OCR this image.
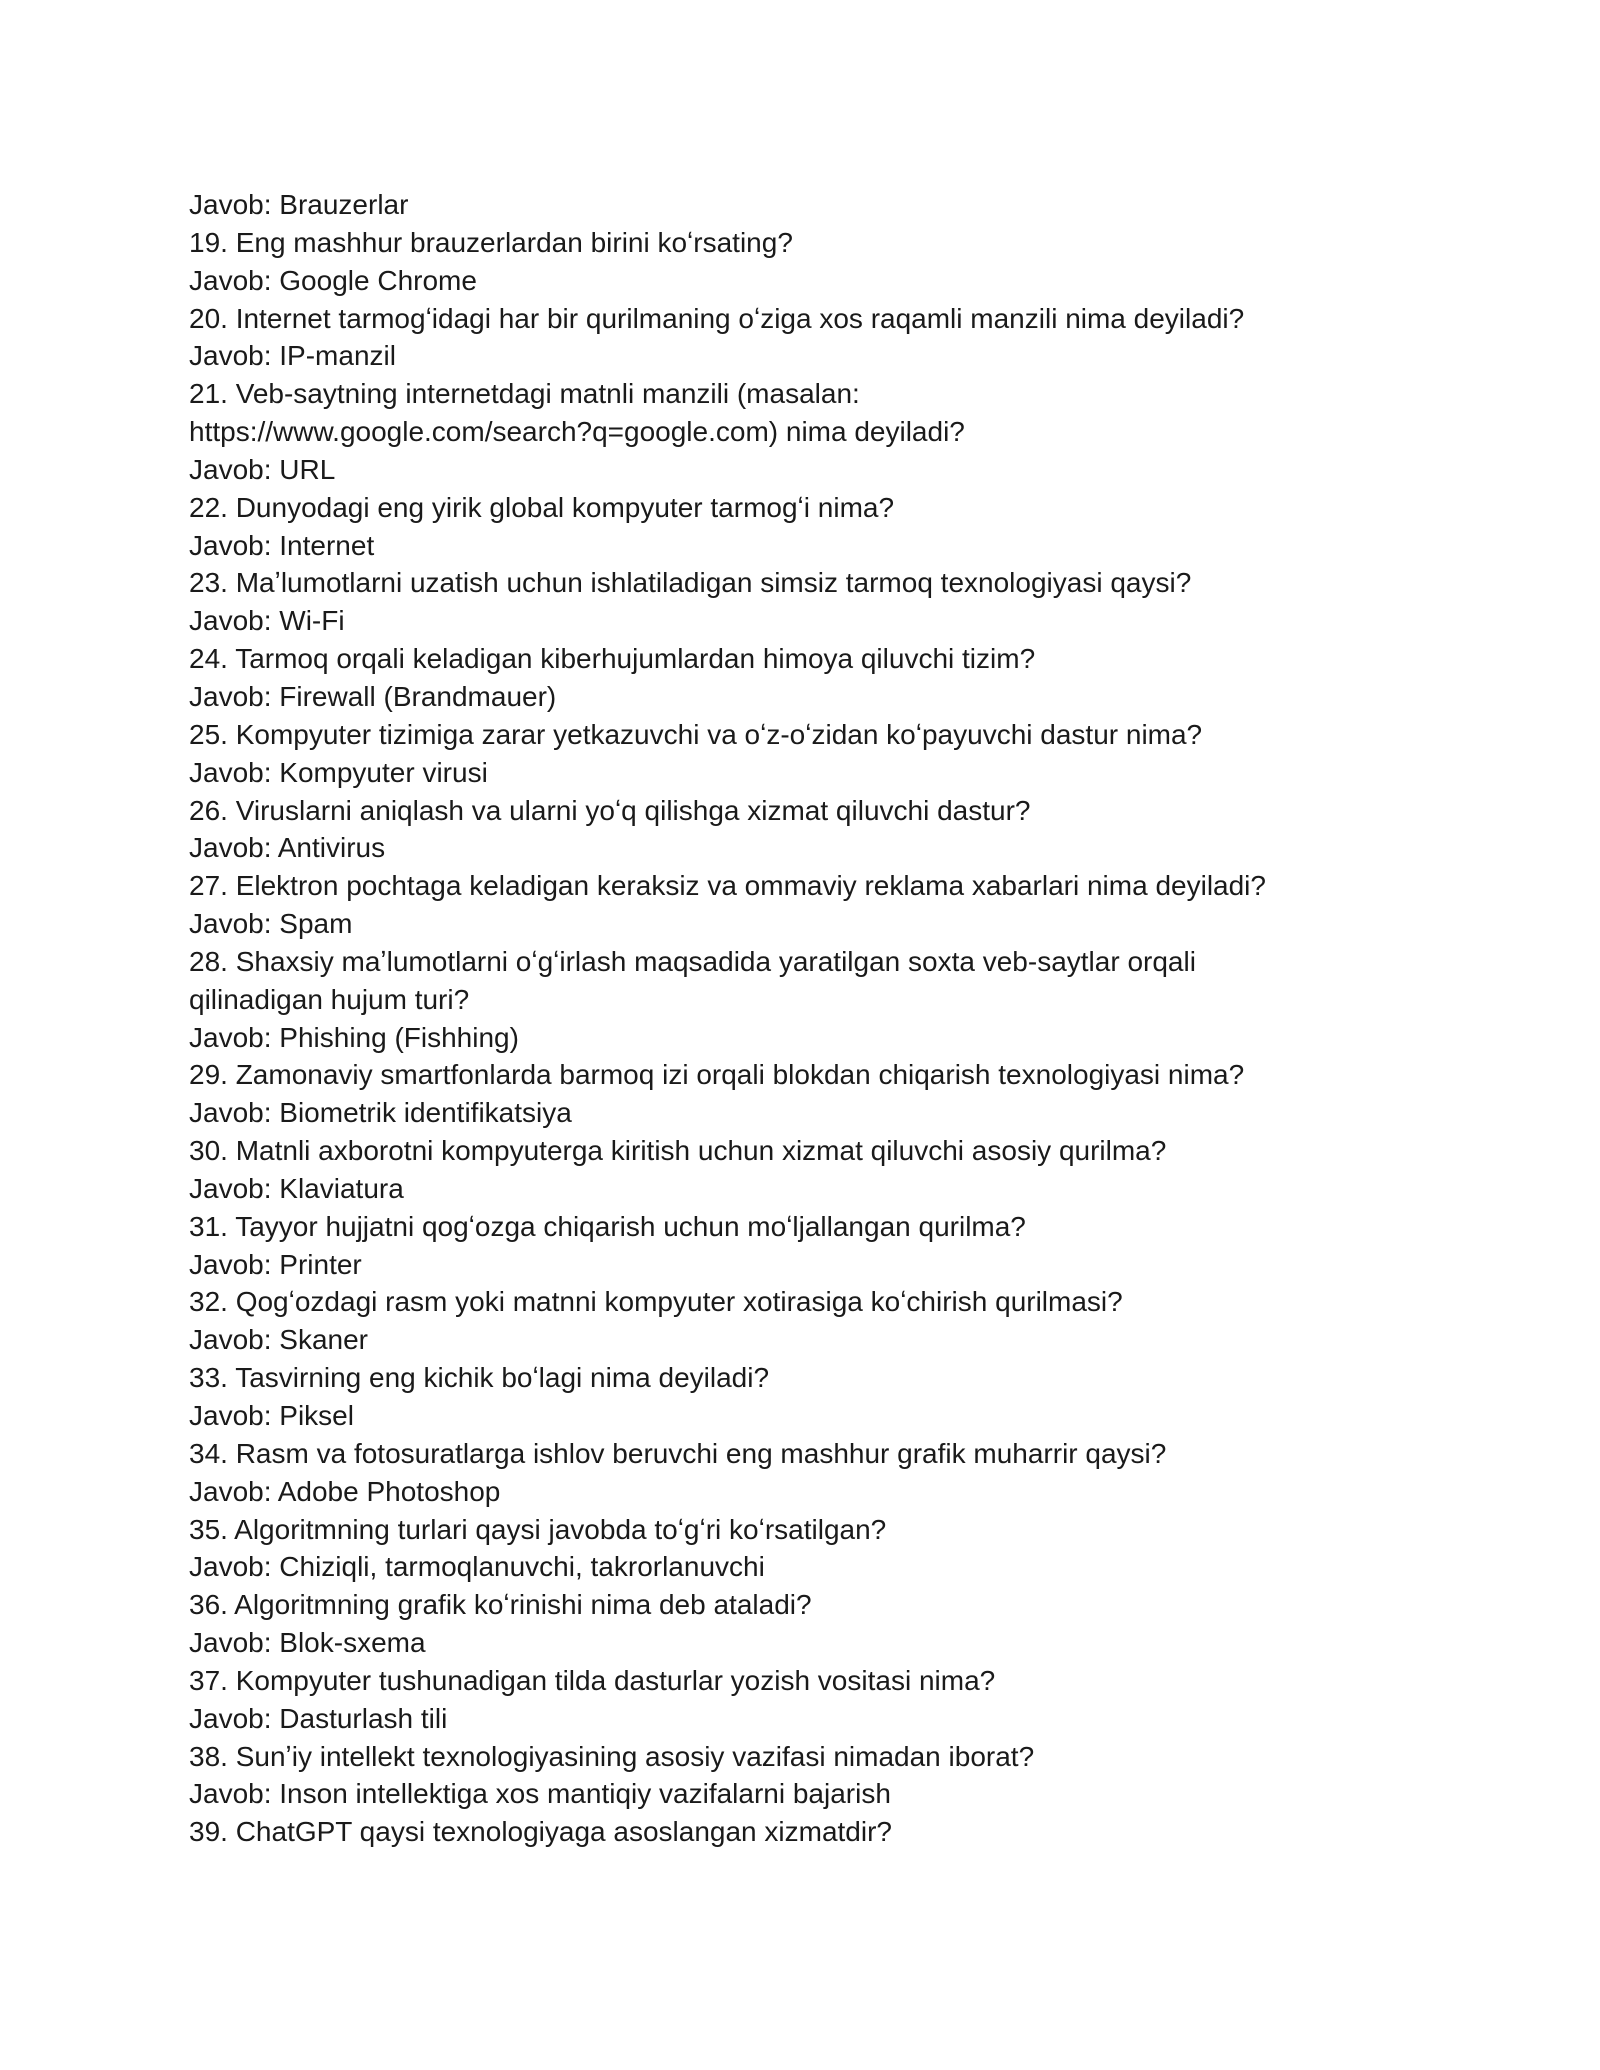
Javob: Brauzerlar
19. Eng mashhur brauzerlardan birini koʻrsating?
Javob: Google Chrome
20. Internet tarmogʻidagi har bir qurilmaning oʻziga xos raqamli manzili nima deyiladi?
Javob: IP-manzil
21. Veb-saytning internetdagi matnli manzili (masalan:
https://www.google.com/search?q=google.com) nima deyiladi?
Javob: URL
22. Dunyodagi eng yirik global kompyuter tarmogʻi nima?
Javob: Internet
23. Maʼlumotlarni uzatish uchun ishlatiladigan simsiz tarmoq texnologiyasi qaysi?
Javob: Wi-Fi
24. Tarmoq orqali keladigan kiberhujumlardan himoya qiluvchi tizim?
Javob: Firewall (Brandmauer)
25. Kompyuter tizimiga zarar yetkazuvchi va oʻz-oʻzidan koʻpayuvchi dastur nima?
Javob: Kompyuter virusi
26. Viruslarni aniqlash va ularni yoʻq qilishga xizmat qiluvchi dastur?
Javob: Antivirus
27. Elektron pochtaga keladigan keraksiz va ommaviy reklama xabarlari nima deyiladi?
Javob: Spam
28. Shaxsiy maʼlumotlarni oʻgʻirlash maqsadida yaratilgan soxta veb-saytlar orqali
qilinadigan hujum turi?
Javob: Phishing (Fishhing)
29. Zamonaviy smartfonlarda barmoq izi orqali blokdan chiqarish texnologiyasi nima?
Javob: Biometrik identifikatsiya
30. Matnli axborotni kompyuterga kiritish uchun xizmat qiluvchi asosiy qurilma?
Javob: Klaviatura
31. Tayyor hujjatni qogʻozga chiqarish uchun moʻljallangan qurilma?
Javob: Printer
32. Qogʻozdagi rasm yoki matnni kompyuter xotirasiga koʻchirish qurilmasi?
Javob: Skaner
33. Tasvirning eng kichik boʻlagi nima deyiladi?
Javob: Piksel
34. Rasm va fotosuratlarga ishlov beruvchi eng mashhur grafik muharrir qaysi?
Javob: Adobe Photoshop
35. Algoritmning turlari qaysi javobda toʻgʻri koʻrsatilgan?
Javob: Chiziqli, tarmoqlanuvchi, takrorlanuvchi
36. Algoritmning grafik koʻrinishi nima deb ataladi?
Javob: Blok-sxema
37. Kompyuter tushunadigan tilda dasturlar yozish vositasi nima?
Javob: Dasturlash tili
38. Sunʼiy intellekt texnologiyasining asosiy vazifasi nimadan iborat?
Javob: Inson intellektiga xos mantiqiy vazifalarni bajarish
39. ChatGPT qaysi texnologiyaga asoslangan xizmatdir?
